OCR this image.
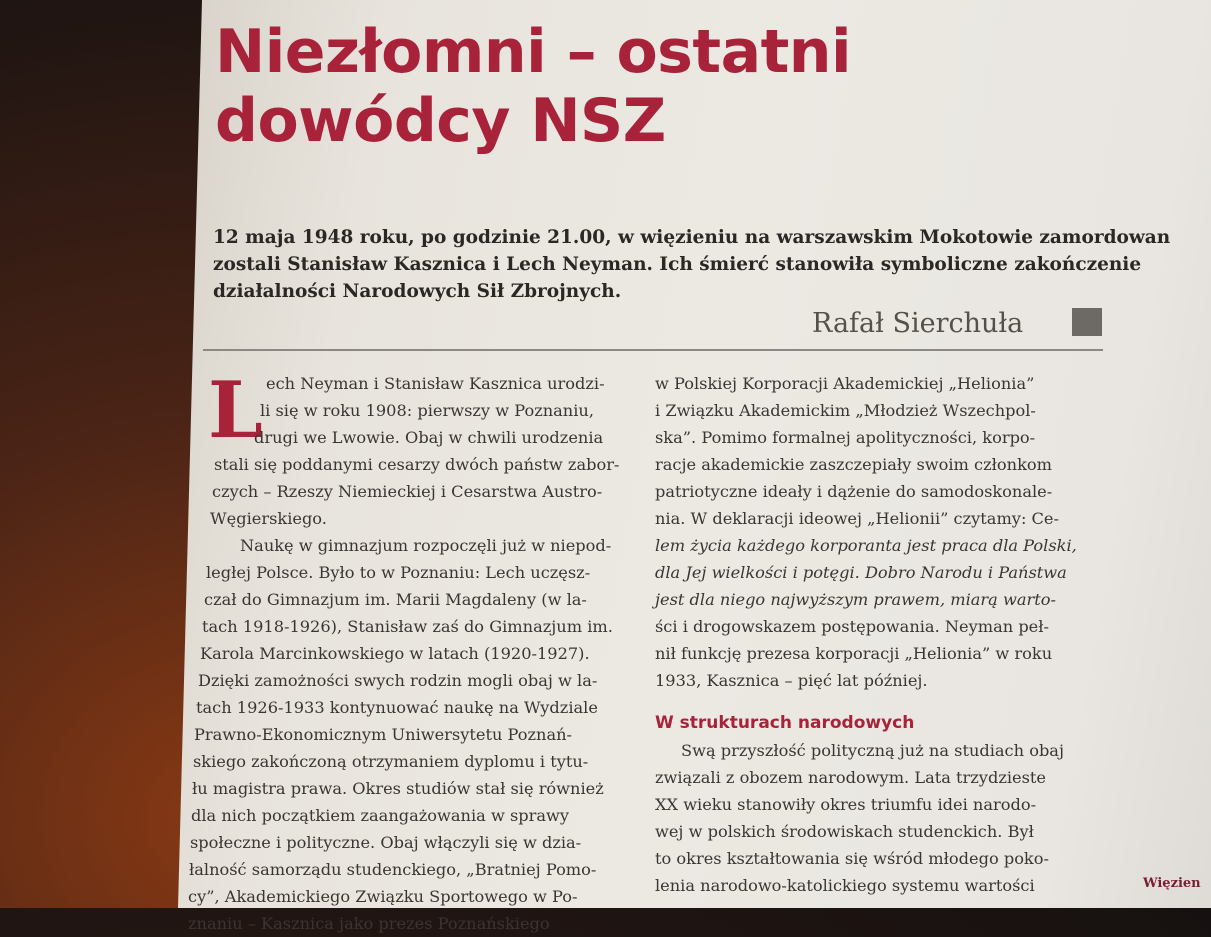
Niezłomni – ostatni
dowódcy NSZ
12 maja 1948 roku, po godzinie 21.00, w więzieniu na warszawskim Mokotowie zamordowan
zostali Stanisław Kasznica i Lech Neyman. Ich śmierć stanowiła symboliczne zakończenie
działalności Narodowych Sił Zbrojnych.
Rafał Sierchuła
L ech Neyman i Stanisław Kasznica urodzi-

li się w roku 1908: pierwszy w Poznaniu,

drugi we Lwowie. Obaj w chwili urodzenia

stali się poddanymi cesarzy dwóch państw zabor-

czych – Rzeszy Niemieckiej i Cesarstwa Austro-

Węgierskiego.

Naukę w gimnazjum rozpoczęli już w niepod-

ległej Polsce. Było to w Poznaniu: Lech uczęsz-

czał do Gimnazjum im. Marii Magdaleny (w la-

tach 1918-1926), Stanisław zaś do Gimnazjum im.

Karola Marcinkowskiego w latach (1920-1927).

Dzięki zamożności swych rodzin mogli obaj w la-

tach 1926-1933 kontynuować naukę na Wydziale

Prawno-Ekonomicznym Uniwersytetu Poznań-

skiego zakończoną otrzymaniem dyplomu i tytu-

łu magistra prawa. Okres studiów stał się również

dla nich początkiem zaangażowania w sprawy

społeczne i polityczne. Obaj włączyli się w dzia-

łalność samorządu studenckiego, „Bratniej Pomo-

cy”, Akademickiego Związku Sportowego w Po-

znaniu – Kasznica jako prezes Poznańskiego

w Polskiej Korporacji Akademickiej „Helionia”

i Związku Akademickim „Młodzież Wszechpol-

ska”. Pomimo formalnej apolityczności, korpo-

racje akademickie zaszczepiały swoim członkom

patriotyczne ideały i dążenie do samodoskonale-

nia. W deklaracji ideowej „Helionii” czytamy: Ce-

lem życia każdego korporanta jest praca dla Polski,

dla Jej wielkości i potęgi. Dobro Narodu i Państwa

jest dla niego najwyższym prawem, miarą warto-

ści i drogowskazem postępowania. Neyman peł-

nił funkcję prezesa korporacji „Helionia” w roku

1933, Kasznica – pięć lat później.

W strukturach narodowych

Swą przyszłość polityczną już na studiach obaj

związali z obozem narodowym. Lata trzydzieste

XX wieku stanowiły okres triumfu idei narodo-

wej w polskich środowiskach studenckich. Był

to okres kształtowania się wśród młodego poko-

lenia narodowo-katolickiego systemu wartości	Więzien
